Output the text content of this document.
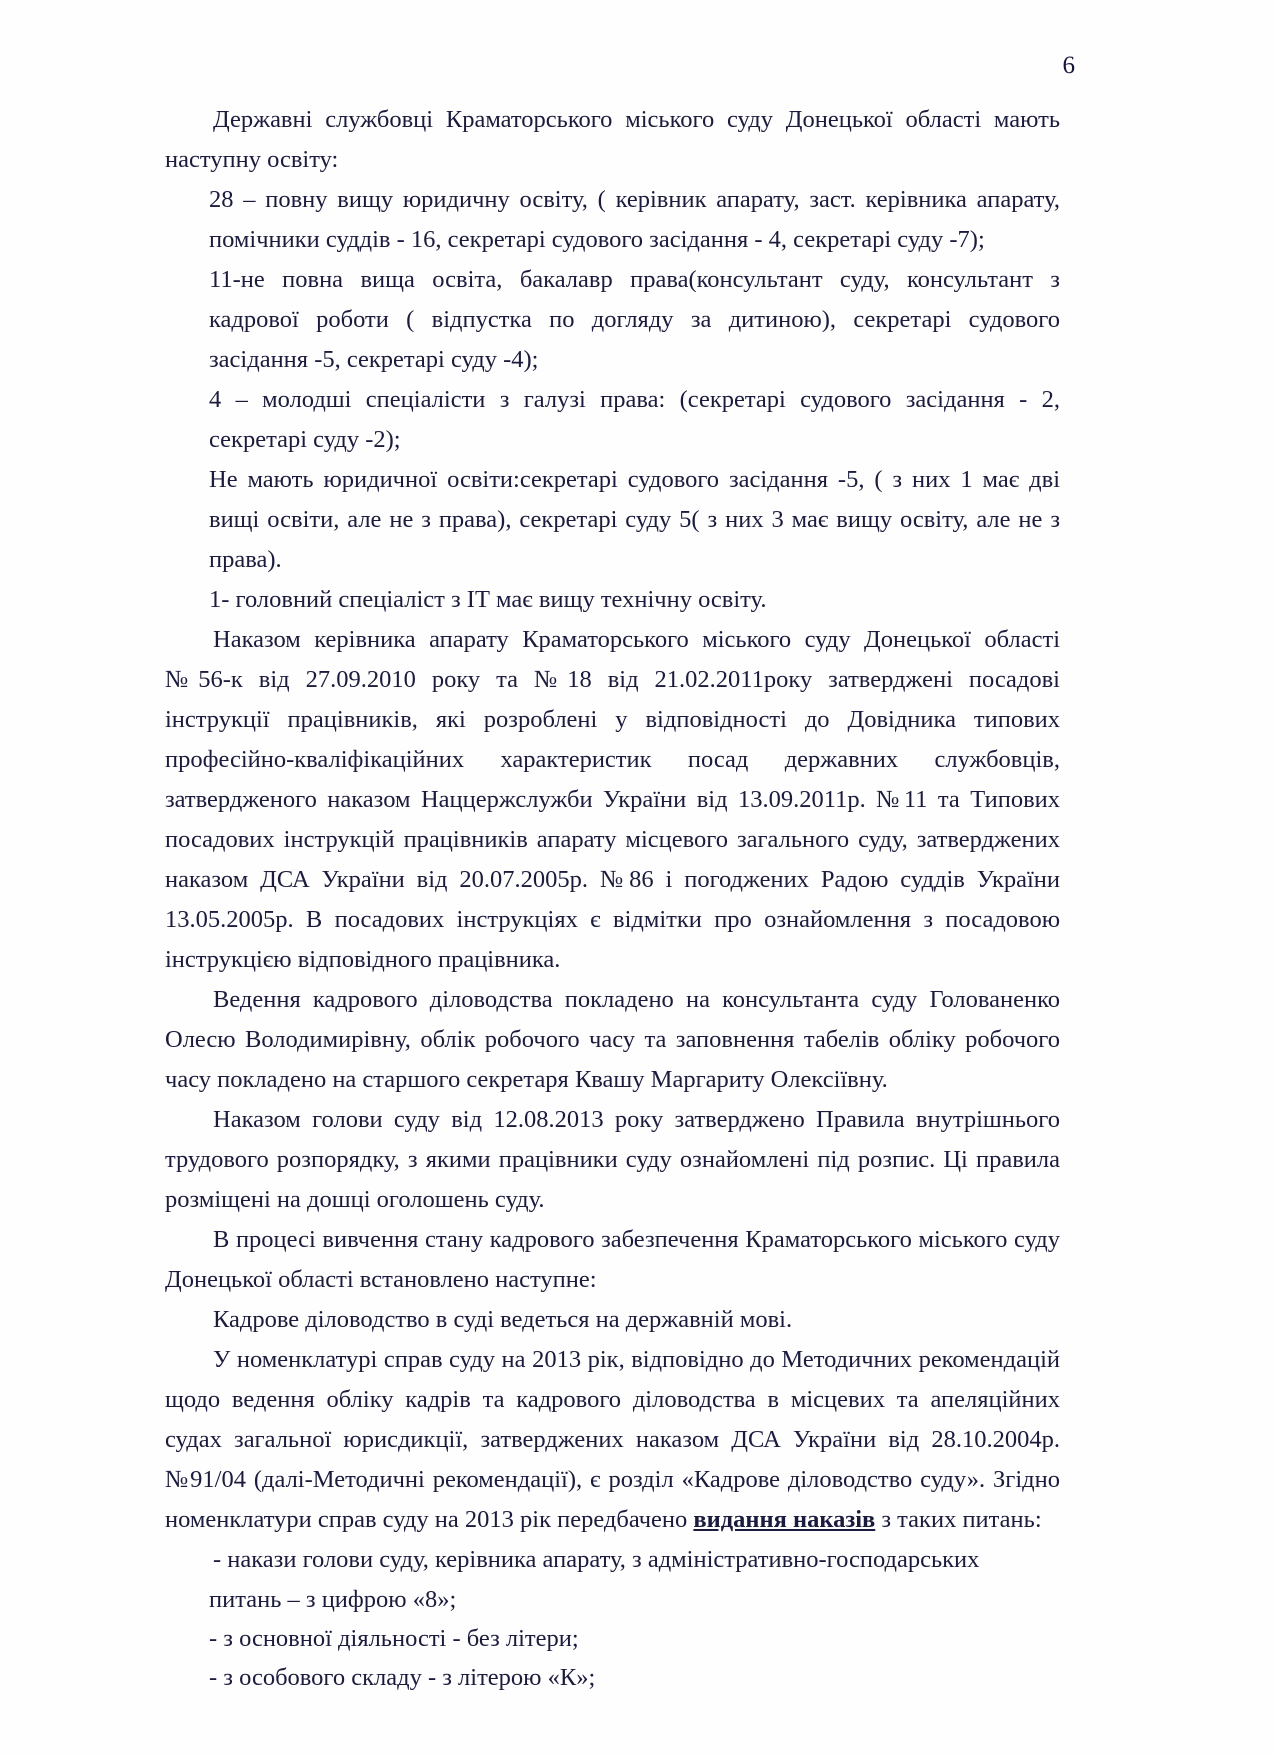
6

Державні службовці Краматорського міського суду Донецької області мають наступну освіту:

28 – повну вищу юридичну освіту, ( керівник апарату, заст. керівника апарату, помічники суддів - 16, секретарі судового засідання - 4, секретарі суду -7);

11-не повна вища освіта, бакалавр права(консультант суду, консультант з кадрової роботи ( відпустка по догляду за дитиною), секретарі судового засідання -5, секретарі суду -4);

4 – молодші спеціалісти з галузі права: (секретарі судового засідання - 2, секретарі суду -2);

Не мають юридичної освіти:секретарі судового засідання -5, ( з них 1 має дві вищі освіти, але не з права), секретарі суду 5( з них 3 має вищу освіту, але не з права).

1- головний спеціаліст з ІТ має вищу технічну освіту.

Наказом керівника апарату Краматорського міського суду Донецької області №56-к від 27.09.2010 року та №18 від 21.02.2011року затверджені посадові інструкції працівників, які розроблені у відповідності до Довідника типових професійно-кваліфікаційних характеристик посад державних службовців, затвердженого наказом Наццержслужби України від 13.09.2011р. №11 та Типових посадових інструкцій працівників апарату місцевого загального суду, затверджених наказом ДСА України від 20.07.2005р. №86 і погоджених Радою суддів України 13.05.2005р. В посадових інструкціях є відмітки про ознайомлення з посадовою інструкцією відповідного працівника.

Ведення кадрового діловодства покладено на консультанта суду Голованенко Олесю Володимирівну, облік робочого часу та заповнення табелів обліку робочого часу покладено на старшого секретаря Квашу Маргариту Олексіївну.

Наказом голови суду від 12.08.2013 року затверджено Правила внутрішнього трудового розпорядку, з якими працівники суду ознайомлені під розпис. Ці правила розміщені на дошці оголошень суду.

В процесі вивчення стану кадрового забезпечення Краматорського міського суду Донецької області встановлено наступне:

Кадрове діловодство в суді ведеться на державній мові.

У номенклатурі справ суду на 2013 рік, відповідно до Методичних рекомендацій щодо ведення обліку кадрів та кадрового діловодства в місцевих та апеляційних судах загальної юрисдикції, затверджених наказом ДСА України від 28.10.2004р. №91/04 (далі-Методичні рекомендації), є розділ «Кадрове діловодство суду». Згідно номенклатури справ суду на 2013 рік передбачено видання наказів з таких питань:

- накази голови суду, керівника апарату, з адміністративно-господарських

питань – з цифрою «8»;

- з основної діяльності - без літери;

- з особового складу - з літерою «К»;
